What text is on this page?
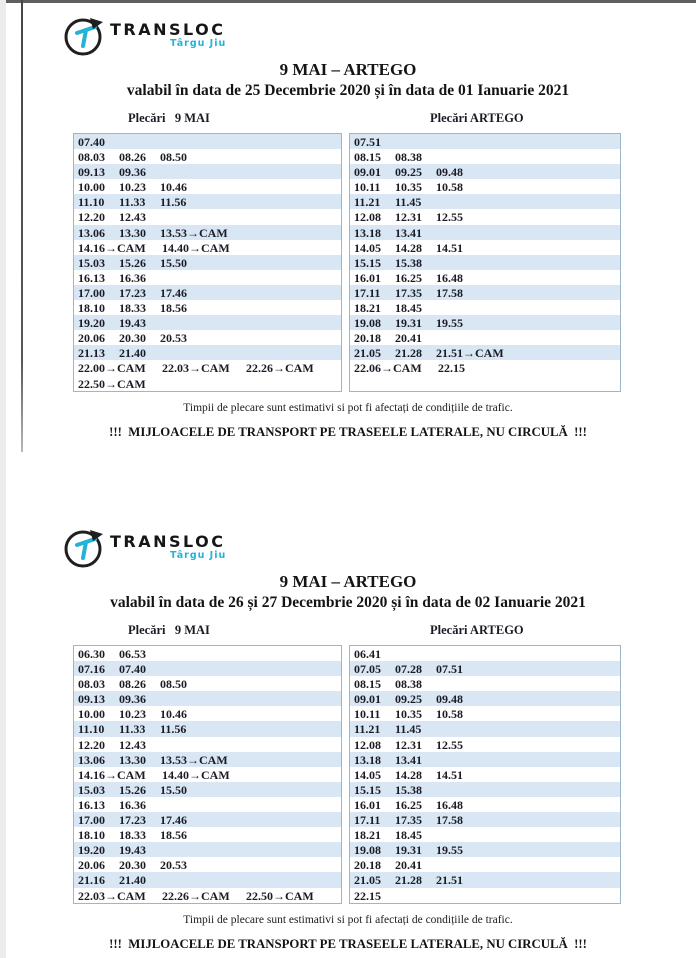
TRANSLOC
Târgu Jiu
9 MAI – ARTEGO
valabil în data de 25 Decembrie 2020 și în data de 01 Ianuarie 2021
Plecări   9 MAI	Plecări ARTEGO
07.40
08.03 08.26 08.50
09.13 09.36
10.00 10.23 10.46
11.10 11.33 11.56
12.20 12.43
13.06 13.30 13.53→CAM
14.16→CAM 14.40→CAM
15.03 15.26 15.50
16.13 16.36
17.00 17.23 17.46
18.10 18.33 18.56
19.20 19.43
20.06 20.30 20.53
21.13 21.40
22.00→CAM 22.03→CAM 22.26→CAM
22.50→CAM
07.51
08.15 08.38
09.01 09.25 09.48
10.11 10.35 10.58
11.21 11.45
12.08 12.31 12.55
13.18 13.41
14.05 14.28 14.51
15.15 15.38
16.01 16.25 16.48
17.11 17.35 17.58
18.21 18.45
19.08 19.31 19.55
20.18 20.41
21.05 21.28 21.51→CAM
22.06→CAM 22.15

Timpii de plecare sunt estimativi si pot fi afectați de condițiile de trafic.

!!!  MIJLOACELE DE TRANSPORT PE TRASEELE LATERALE, NU CIRCULĂ  !!!

TRANSLOC
Târgu Jiu
9 MAI – ARTEGO
valabil în data de 26 și 27 Decembrie 2020 și în data de 02 Ianuarie 2021
Plecări   9 MAI	Plecări ARTEGO
06.30 06.53
07.16 07.40
08.03 08.26 08.50
09.13 09.36
10.00 10.23 10.46
11.10 11.33 11.56
12.20 12.43
13.06 13.30 13.53→CAM
14.16→CAM 14.40→CAM
15.03 15.26 15.50
16.13 16.36
17.00 17.23 17.46
18.10 18.33 18.56
19.20 19.43
20.06 20.30 20.53
21.16 21.40
22.03→CAM 22.26→CAM 22.50→CAM
06.41
07.05 07.28 07.51
08.15 08.38
09.01 09.25 09.48
10.11 10.35 10.58
11.21 11.45
12.08 12.31 12.55
13.18 13.41
14.05 14.28 14.51
15.15 15.38
16.01 16.25 16.48
17.11 17.35 17.58
18.21 18.45
19.08 19.31 19.55
20.18 20.41
21.05 21.28 21.51
22.15

Timpii de plecare sunt estimativi si pot fi afectați de condițiile de trafic.

!!!  MIJLOACELE DE TRANSPORT PE TRASEELE LATERALE, NU CIRCULĂ  !!!
